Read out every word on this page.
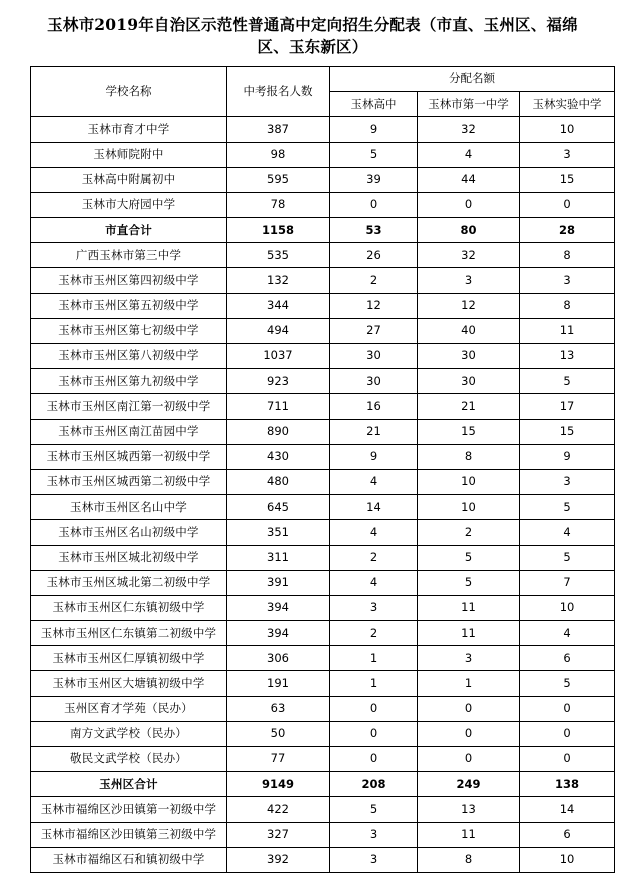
玉林市2019年自治区示范性普通高中定向招生分配表（市直、玉州区、福绵区、玉东新区）
学校名称	中考报名人数	分配名额		
		玉林高中	玉林市第一中学	玉林实验中学
玉林市育才中学	387	9	32	10
玉林师院附中	98	5	4	3
玉林高中附属初中	595	39	44	15
玉林市大府园中学	78	0	0	0
市直合计	1158	53	80	28
广西玉林市第三中学	535	26	32	8
玉林市玉州区第四初级中学	132	2	3	3
玉林市玉州区第五初级中学	344	12	12	8
玉林市玉州区第七初级中学	494	27	40	11
玉林市玉州区第八初级中学	1037	30	30	13
玉林市玉州区第九初级中学	923	30	30	5
玉林市玉州区南江第一初级中学	711	16	21	17
玉林市玉州区南江苗园中学	890	21	15	15
玉林市玉州区城西第一初级中学	430	9	8	9
玉林市玉州区城西第二初级中学	480	4	10	3
玉林市玉州区名山中学	645	14	10	5
玉林市玉州区名山初级中学	351	4	2	4
玉林市玉州区城北初级中学	311	2	5	5
玉林市玉州区城北第二初级中学	391	4	5	7
玉林市玉州区仁东镇初级中学	394	3	11	10
玉林市玉州区仁东镇第二初级中学	394	2	11	4
玉林市玉州区仁厚镇初级中学	306	1	3	6
玉林市玉州区大塘镇初级中学	191	1	1	5
玉州区育才学苑（民办）	63	0	0	0
南方文武学校（民办）	50	0	0	0
敬民文武学校（民办）	77	0	0	0
玉州区合计	9149	208	249	138
玉林市福绵区沙田镇第一初级中学	422	5	13	14
玉林市福绵区沙田镇第三初级中学	327	3	11	6
玉林市福绵区石和镇初级中学	392	3	8	10
